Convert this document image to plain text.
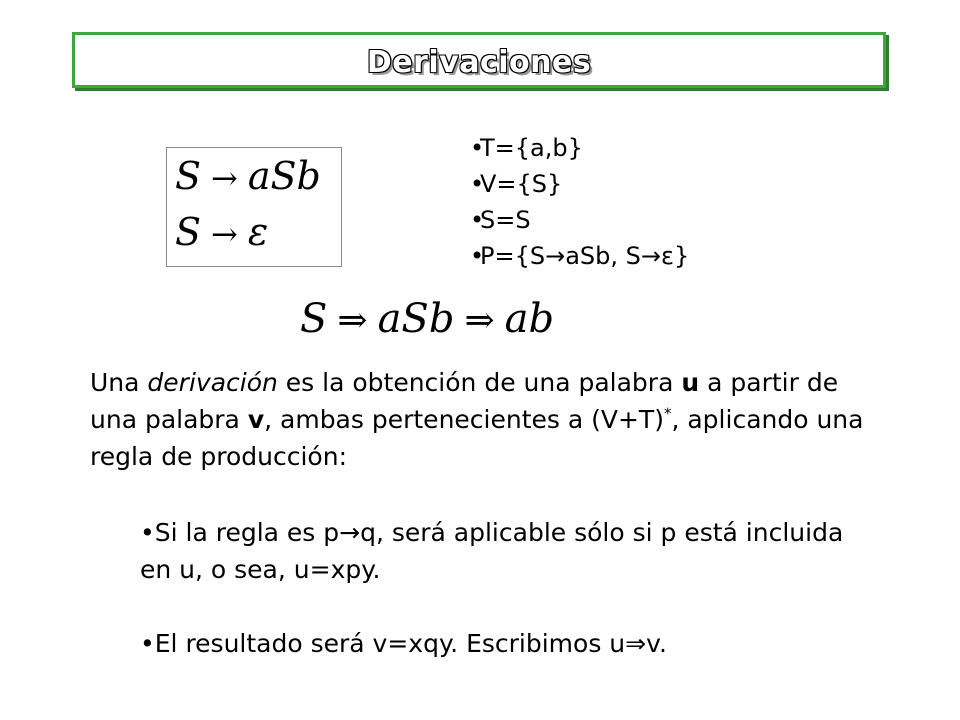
Derivaciones
S → aSb
S → ε
•T={a,b}
•V={S}
•S=S
•P={S→aSb, S→ε}
S ⇒ aSb ⇒ ab

Una derivación es la obtención de una palabra u a partir de una palabra v, ambas pertenecientes a (V+T)*, aplicando una regla de producción:

•Si la regla es p→q, será aplicable sólo si p está incluida en u, o sea, u=xpy.

•El resultado será v=xqy. Escribimos u⇒v.
